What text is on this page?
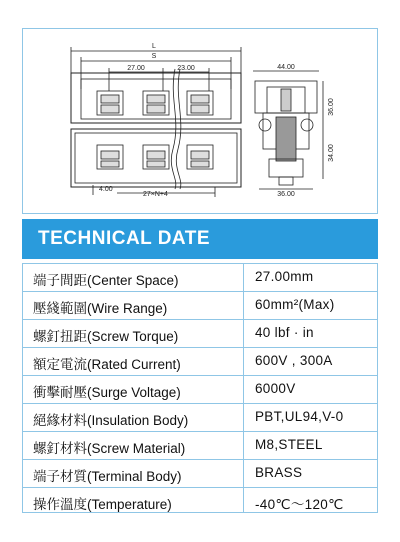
L
S
27.00	23.00
4.00
27×N+4
44.00
36.00
36.00
34.00
TECHNICAL DATE
端子間距(Center Space)	27.00mm
壓綫範圍(Wire Range)	60mm²(Max)
螺釘扭距(Screw Torque)	40 lbf · in
額定電流(Rated Current)	600V , 300A
衝擊耐壓(Surge Voltage)	6000V
絕緣材料(Insulation Body)	PBT,UL94,V-0
螺釘材料(Screw Material)	M8,STEEL
端子材質(Terminal Body)	BRASS
操作溫度(Temperature)	-40℃～120℃
